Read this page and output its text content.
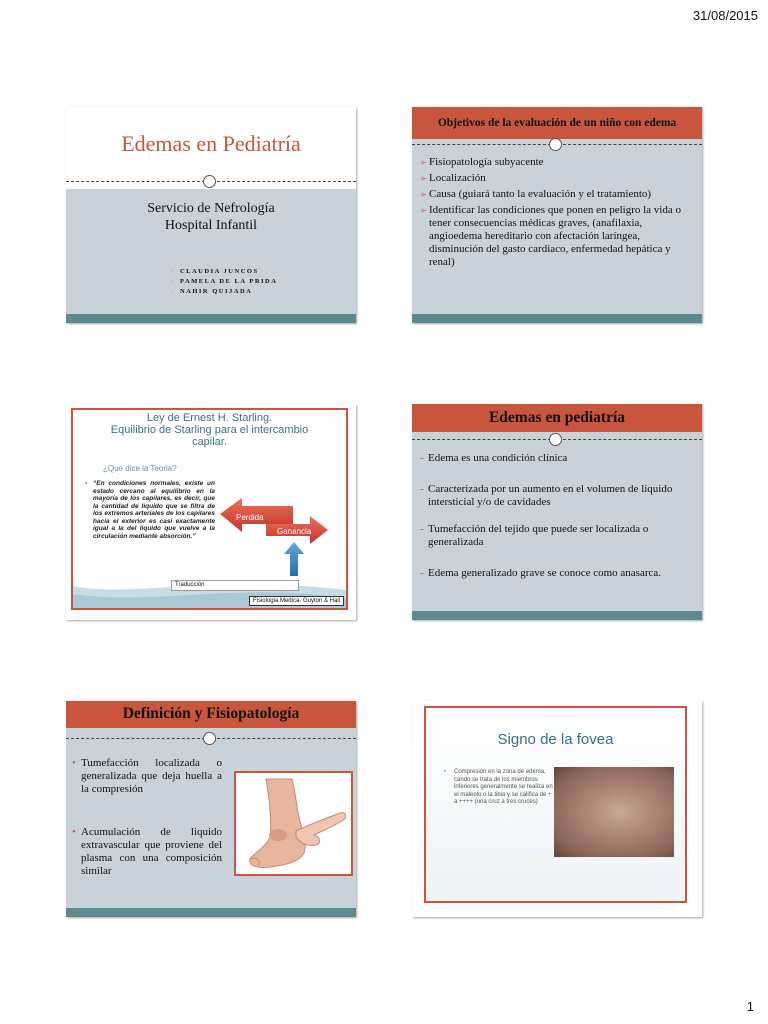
31/08/2015
Edemas en Pediatría
Servicio de Nefrología
Hospital Infantil
✓ CLAUDIA JUNCOS
✓ PAMELA DE LA PRIDA
✓ NAHIR QUIJADA
Objetivos de la evaluación de un niño con edema
➢ Fisiopatología subyacente
➢ Localización
➢ Causa (guiará tanto la evaluación y el tratamiento)
➢ Identificar las condiciones que ponen en peligro la vida o tener consecuencias médicas graves, (anafilaxia, angioedema hereditario con afectación laríngea, disminución del gasto cardiaco, enfermedad hepática y renal)
Ley de Ernest H. Starling.
Equilibrio de Starling para el intercambio
capilar.
¿Que dice la Teoria?
• “En condiciones normales, existe un estado cercano al equilibrio en la mayoría de los capilares, es decir, que la cantidad de liquido que se filtra de los extremos arteriales de los capilares hacia el exterior es casi exactamente igual a la del liquido que vuelve a la circulación mediante absorción.”
Perdida
Ganancia
Traducción
Fisiologia Medica- Guyton & Hall
Edemas en pediatría
- Edema es una condición clínica
- Caracterizada por un aumento en el volumen de liquido intersticial y/o de cavidades
- Tumefacción del tejido que puede ser localizada o generalizada
- Edema generalizado grave se conoce como anasarca.
Definición y Fisiopatología
• Tumefacción localizada o generalizada que deja huella a la compresión
• Acumulación de liquido extravascular que proviene del plasma con una composición similar
Signo de la fovea
• Compresión en la zona de edema, cando se trata de los miembros inferiores generalmente se realiza en el maleolo o la tibia y se califica de + a ++++ (una cruz a tres cruces)
1
